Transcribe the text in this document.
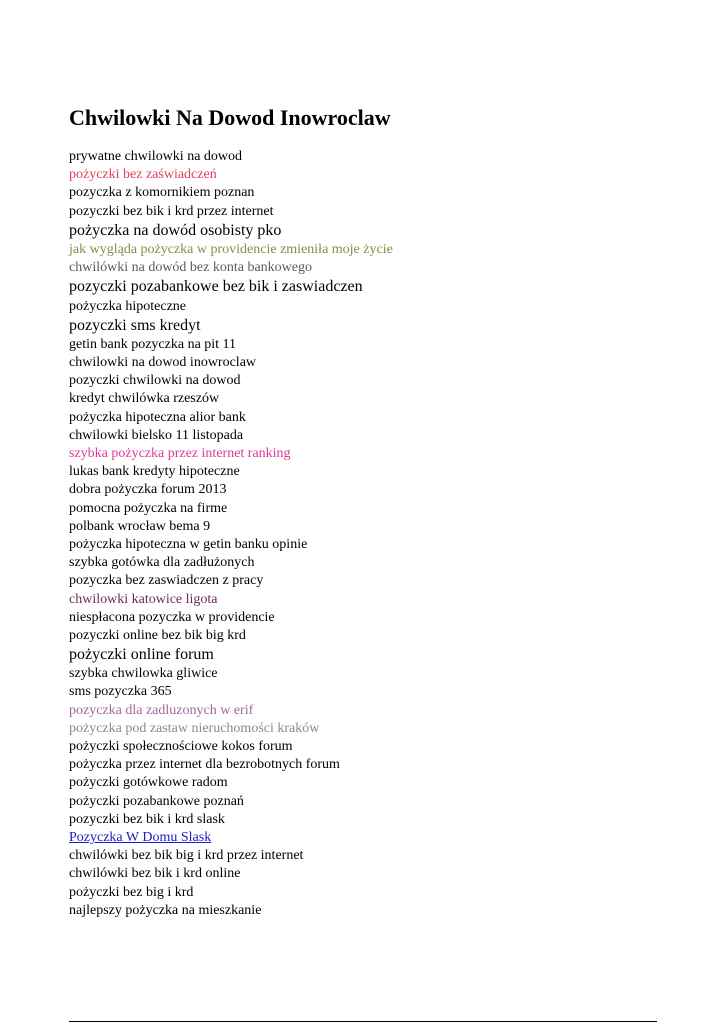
Chwilowki Na Dowod Inowroclaw
prywatne chwilowki na dowod
pożyczki bez zaświadczeń
pozyczka z komornikiem poznan
pozyczki bez bik i krd przez internet
pożyczka na dowód osobisty pko
jak wygląda pożyczka w providencie zmieniła moje życie
chwilówki na dowód bez konta bankowego
pozyczki pozabankowe bez bik i zaswiadczen
pożyczka hipoteczne
pozyczki sms kredyt
getin bank pozyczka na pit 11
chwilowki na dowod inowroclaw
pozyczki chwilowki na dowod
kredyt chwilówka rzeszów
pożyczka hipoteczna alior bank
chwilowki bielsko 11 listopada
szybka pożyczka przez internet ranking
lukas bank kredyty hipoteczne
dobra pożyczka forum 2013
pomocna pożyczka na firme
polbank wrocław bema 9
pożyczka hipoteczna w getin banku opinie
szybka gotówka dla zadłużonych
pozyczka bez zaswiadczen z pracy
chwilowki katowice ligota
niespłacona pozyczka w providencie
pozyczki online bez bik big krd
pożyczki online forum
szybka chwilowka gliwice
sms pozyczka 365
pozyczka dla zadluzonych w erif
pożyczka pod zastaw nieruchomości kraków
pożyczki społecznościowe kokos forum
pożyczka przez internet dla bezrobotnych forum
pożyczki gotówkowe radom
pożyczki pozabankowe poznań
pozyczki bez bik i krd slask
Pozyczka W Domu Slask
chwilówki bez bik big i krd przez internet
chwilówki bez bik i krd online
pożyczki bez big i krd
najlepszy pożyczka na mieszkanie
